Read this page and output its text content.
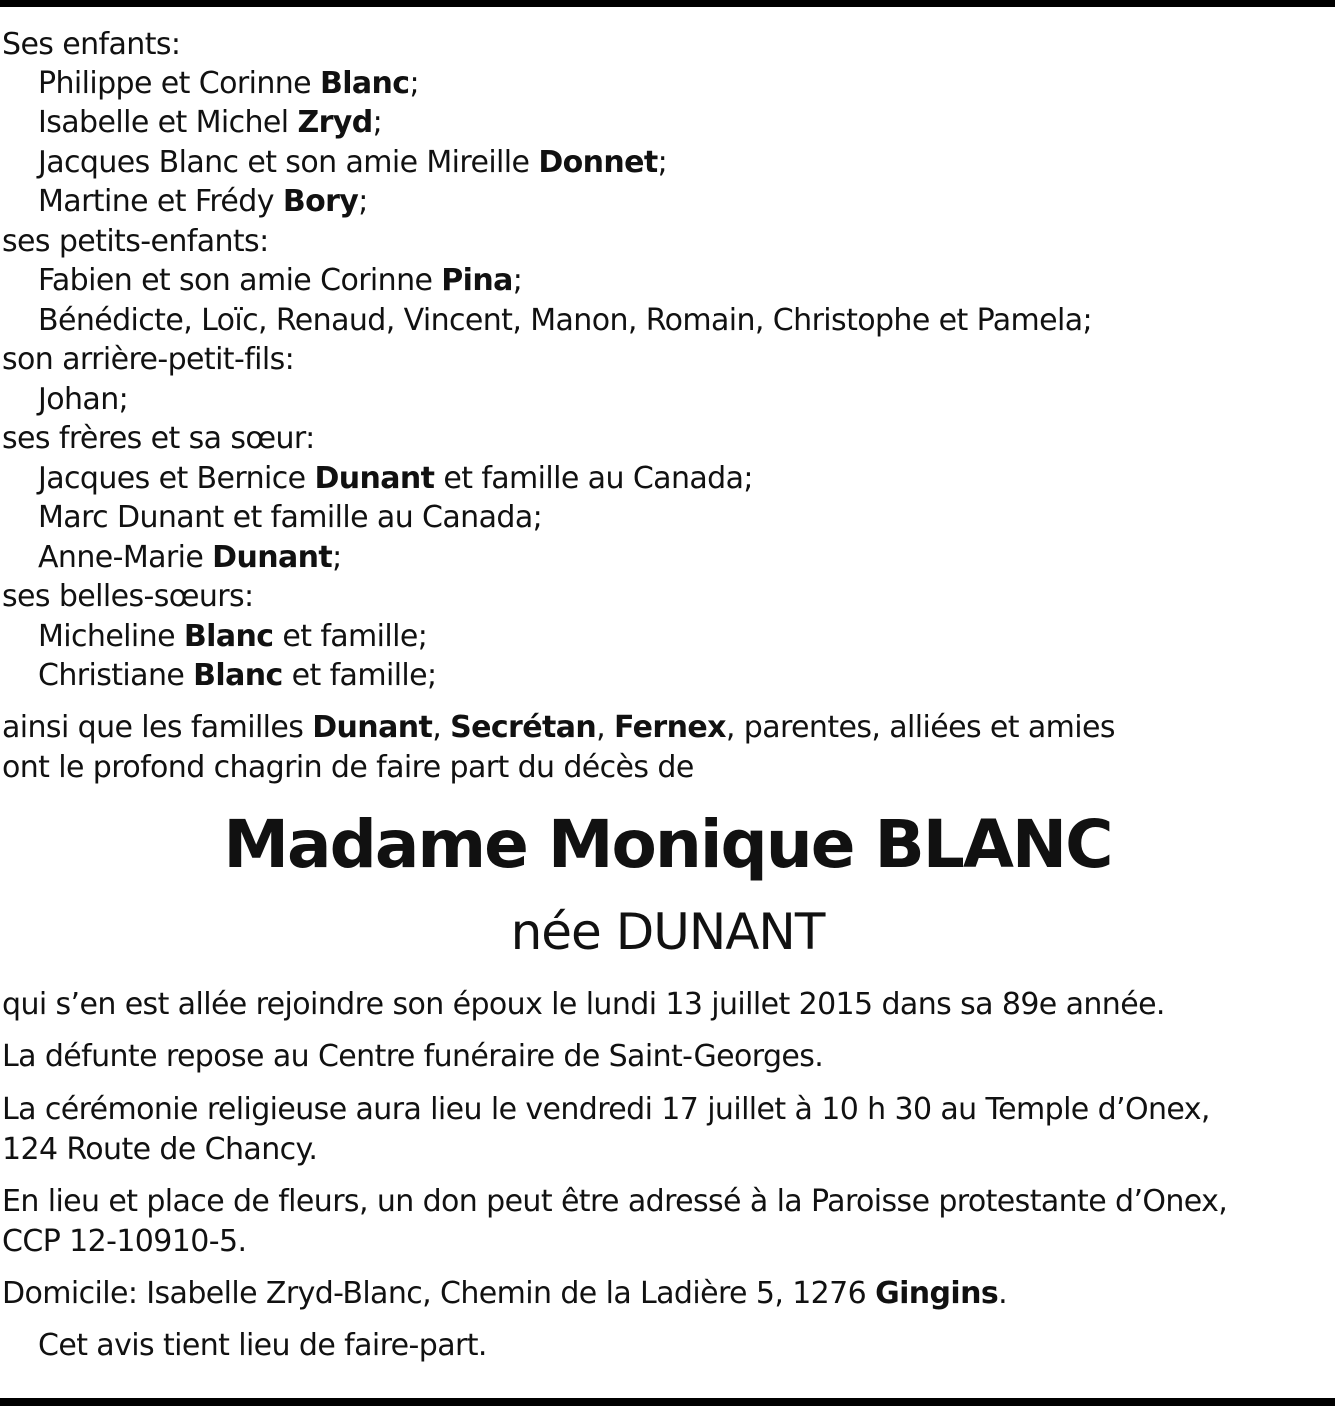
Ses enfants:
Philippe et Corinne Blanc;
Isabelle et Michel Zryd;
Jacques Blanc et son amie Mireille Donnet;
Martine et Frédy Bory;
ses petits-enfants:
Fabien et son amie Corinne Pina;
Bénédicte, Loïc, Renaud, Vincent, Manon, Romain, Christophe et Pamela;
son arrière-petit-fils:
Johan;
ses frères et sa sœur:
Jacques et Bernice Dunant et famille au Canada;
Marc Dunant et famille au Canada;
Anne-Marie Dunant;
ses belles-sœurs:
Micheline Blanc et famille;
Christiane Blanc et famille;
ainsi que les familles Dunant, Secrétan, Fernex, parentes, alliées et amies
ont le profond chagrin de faire part du décès de
Madame Monique BLANC
née DUNANT
qui s’en est allée rejoindre son époux le lundi 13 juillet 2015 dans sa 89e année.
La défunte repose au Centre funéraire de Saint-Georges.
La cérémonie religieuse aura lieu le vendredi 17 juillet à 10 h 30 au Temple d’Onex,
124 Route de Chancy.
En lieu et place de fleurs, un don peut être adressé à la Paroisse protestante d’Onex,
CCP 12-10910-5.
Domicile: Isabelle Zryd-Blanc, Chemin de la Ladière 5, 1276 Gingins.
Cet avis tient lieu de faire-part.
